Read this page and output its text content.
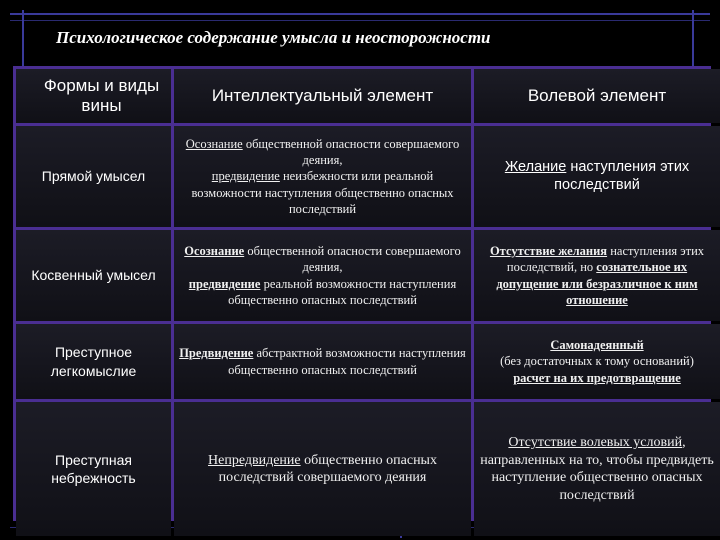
Психологическое содержание умысла и неосторожности
Формы и виды вины
Интеллектуальный элемент	Волевой элемент
Прямой умысел
Осознание общественной опасности совершаемого деяния,
предвидение неизбежности или реальной возможности наступления общественно опасных последствий
Желание наступления этих последствий
Косвенный умысел
Осознание общественной опасности совершаемого деяния,
предвидение реальной возможности наступления общественно опасных последствий
Отсутствие желания наступления этих последствий, но сознательное их допущение или безразличное к ним отношение
Преступное легкомыслие
Предвидение абстрактной возможности наступления общественно опасных последствий
Самонадеянный
(без достаточных к тому оснований)
расчет на их предотвращение
Преступная небрежность
Непредвидение общественно опасных последствий совершаемого деяния
Отсутствие волевых условий, направленных на то, чтобы предвидеть наступление общественно опасных последствий
